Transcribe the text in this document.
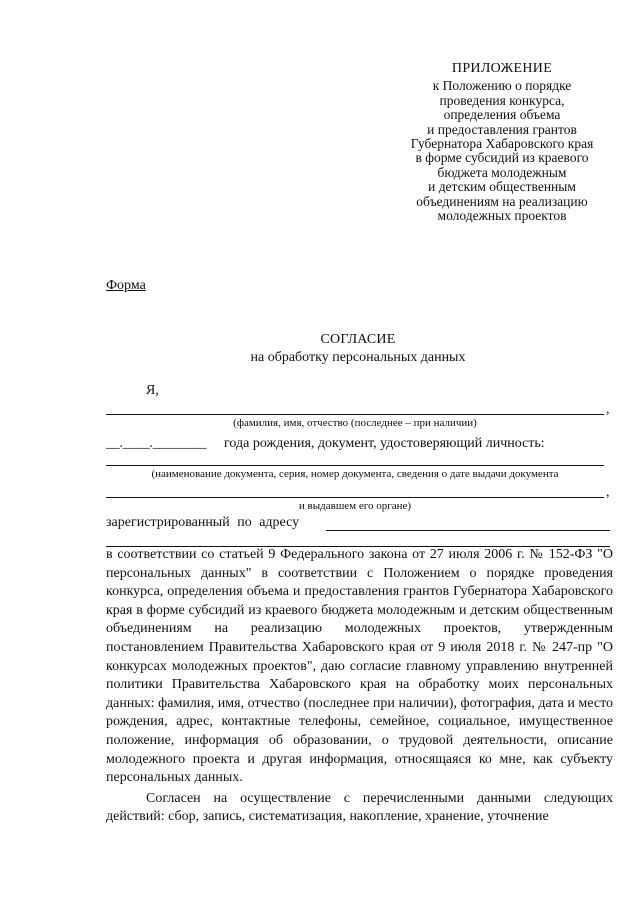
ПРИЛОЖЕНИЕ
к Положению о порядке
проведения конкурса,
определения объема
и предоставления грантов
Губернатора Хабаровского края
в форме субсидий из краевого
бюджета молодежным
и детским общественным
объединениям на реализацию
молодежных проектов
Форма
СОГЛАСИЕ
на обработку персональных данных
Я,
,
(фамилия, имя, отчество (последнее – при наличии)
__.____.________ года рождения, документ, удостоверяющий личность:
(наименование документа, серия, номер документа, сведения о дате выдачи документа
,
и выдавшем его органе)
зарегистрированный по адресу

в соответствии со статьей 9 Федерального закона от 27 июля 2006 г. № 152-ФЗ "О персональных данных" в соответствии с Положением о порядке проведения конкурса, определения объема и предоставления грантов Губернатора Хабаровского края в форме субсидий из краевого бюджета молодежным и детским общественным объединениям на реализацию молодежных проектов, утвержденным постановлением Правительства Хабаровского края от 9 июля 2018 г. № 247-пр "О конкурсах молодежных проектов", даю согласие главному управлению внутренней политики Правительства Хабаровского края на обработку моих персональных данных: фамилия, имя, отчество (последнее при наличии), фотография, дата и место рождения, адрес, контактные телефоны, семейное, социальное, имущественное положение, информация об образовании, о трудовой деятельности, описание молодежного проекта и другая информация, относящаяся ко мне, как субъекту персональных данных.

Согласен на осуществление с перечисленными данными следующих действий: сбор, запись, систематизация, накопление, хранение, уточнение
